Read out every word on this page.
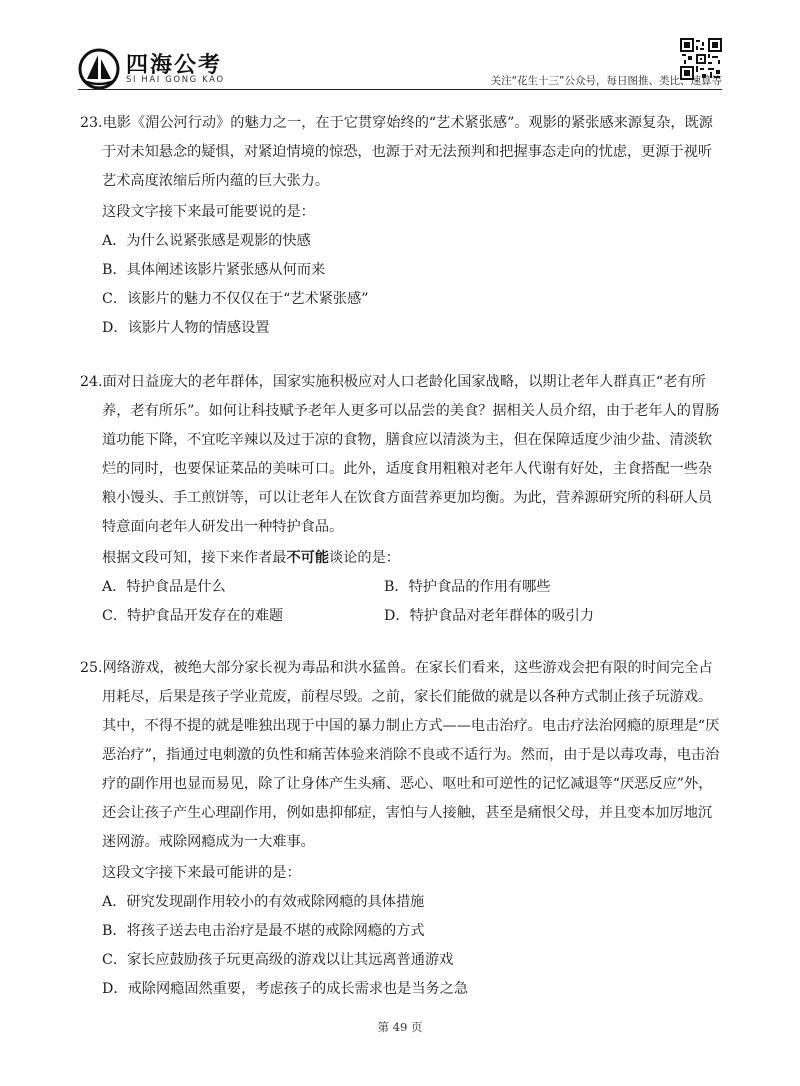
四海公考
SI HAI GONG KAO	关注“花生十三”公众号，每日图推、类比、速算等
23.电影《湄公河行动》的魅力之一，在于它贯穿始终的“艺术紧张感”。观影的紧张感来源复杂，既源于对未知悬念的疑惧，对紧迫情境的惊恐，也源于对无法预判和把握事态走向的忧虑，更源于视听艺术高度浓缩后所内蕴的巨大张力。
这段文字接下来最可能要说的是：
A．为什么说紧张感是观影的快感
B．具体阐述该影片紧张感从何而来
C．该影片的魅力不仅仅在于“艺术紧张感”
D．该影片人物的情感设置
24.面对日益庞大的老年群体，国家实施积极应对人口老龄化国家战略，以期让老年人群真正“老有所养，老有所乐”。如何让科技赋予老年人更多可以品尝的美食？据相关人员介绍，由于老年人的胃肠道功能下降，不宜吃辛辣以及过于凉的食物，膳食应以清淡为主，但在保障适度少油少盐、清淡软烂的同时，也要保证菜品的美味可口。此外，适度食用粗粮对老年人代谢有好处，主食搭配一些杂粮小馒头、手工煎饼等，可以让老年人在饮食方面营养更加均衡。为此，营养源研究所的科研人员特意面向老年人研发出一种特护食品。
根据文段可知，接下来作者最不可能谈论的是：
A．特护食品是什么	B．特护食品的作用有哪些
C．特护食品开发存在的难题	D．特护食品对老年群体的吸引力
25.网络游戏，被绝大部分家长视为毒品和洪水猛兽。在家长们看来，这些游戏会把有限的时间完全占用耗尽，后果是孩子学业荒废，前程尽毁。之前，家长们能做的就是以各种方式制止孩子玩游戏。其中，不得不提的就是唯独出现于中国的暴力制止方式——电击治疗。电击疗法治网瘾的原理是“厌恶治疗”，指通过电刺激的负性和痛苦体验来消除不良或不适行为。然而，由于是以毒攻毒，电击治疗的副作用也显而易见，除了让身体产生头痛、恶心、呕吐和可逆性的记忆减退等“厌恶反应”外，还会让孩子产生心理副作用，例如患抑郁症，害怕与人接触，甚至是痛恨父母，并且变本加厉地沉迷网游。戒除网瘾成为一大难事。
这段文字接下来最可能讲的是：
A．研究发现副作用较小的有效戒除网瘾的具体措施
B．将孩子送去电击治疗是最不堪的戒除网瘾的方式
C．家长应鼓励孩子玩更高级的游戏以让其远离普通游戏
D．戒除网瘾固然重要，考虑孩子的成长需求也是当务之急
第 49 页
